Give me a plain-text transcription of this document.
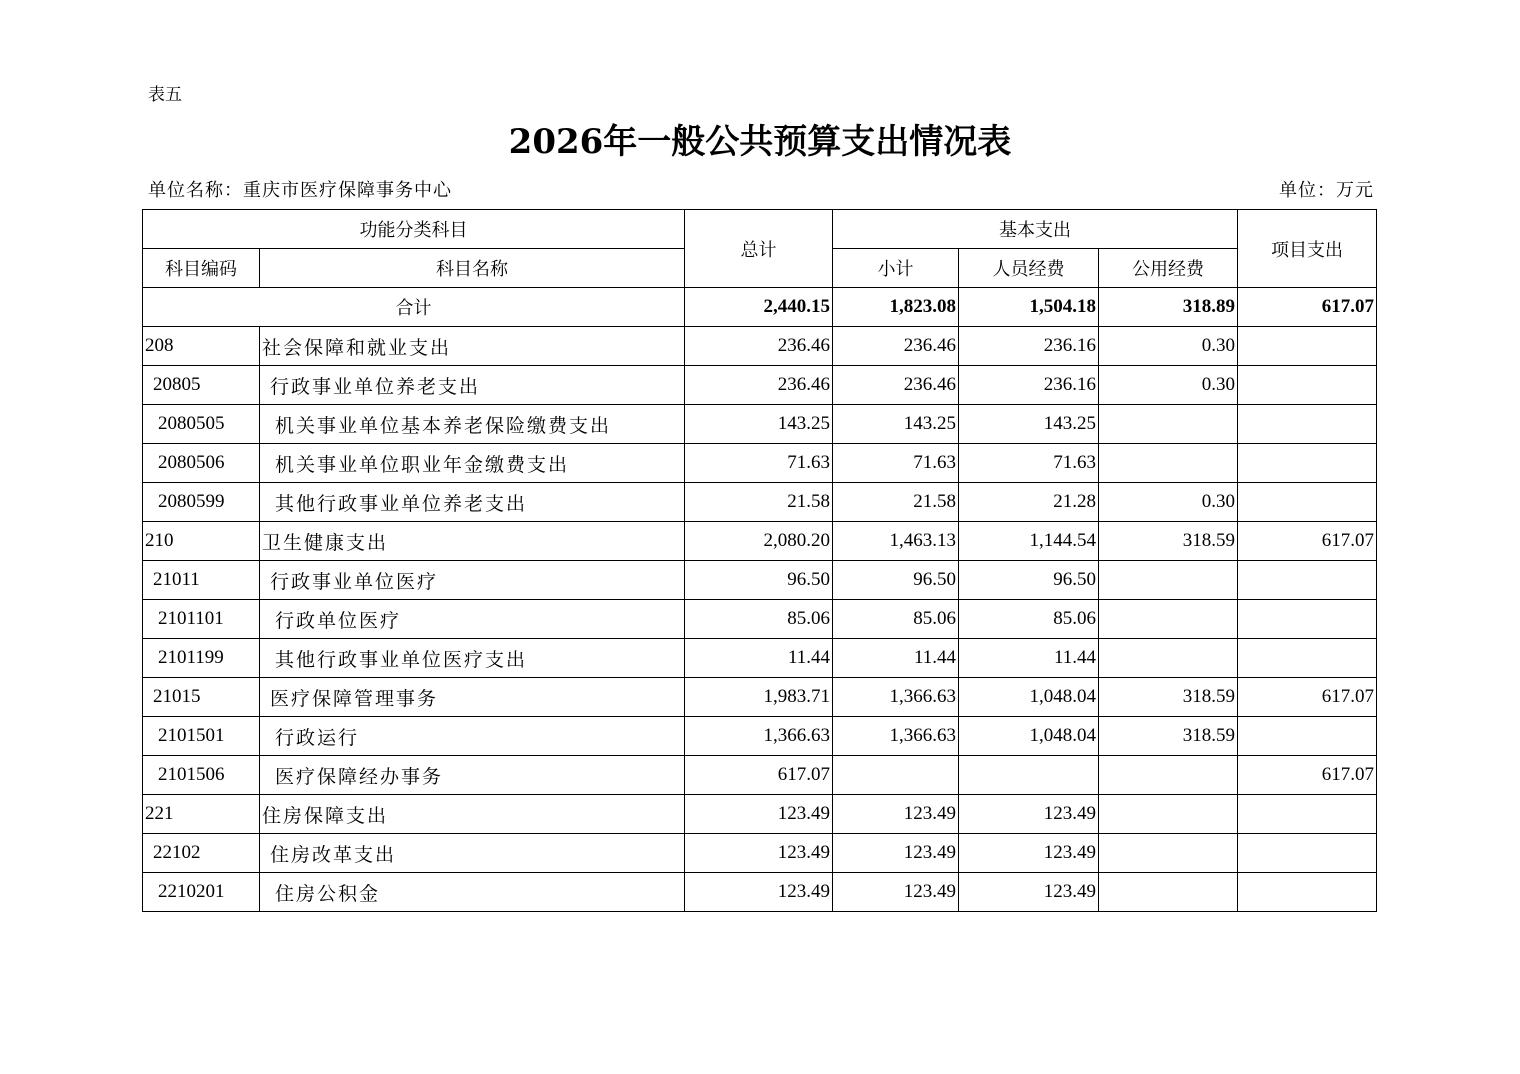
表五
2026年一般公共预算支出情况表
单位名称：重庆市医疗保障事务中心	单位：万元
功能分类科目		总计	基本支出			项目支出
科目编码	科目名称		小计	人员经费	公用经费	
合计		2,440.15	1,823.08	1,504.18	318.89	617.07
208	社会保障和就业支出	236.46	236.46	236.16	0.30	
20805	行政事业单位养老支出	236.46	236.46	236.16	0.30	
2080505	机关事业单位基本养老保险缴费支出	143.25	143.25	143.25		
2080506	机关事业单位职业年金缴费支出	71.63	71.63	71.63		
2080599	其他行政事业单位养老支出	21.58	21.58	21.28	0.30	
210	卫生健康支出	2,080.20	1,463.13	1,144.54	318.59	617.07
21011	行政事业单位医疗	96.50	96.50	96.50		
2101101	行政单位医疗	85.06	85.06	85.06		
2101199	其他行政事业单位医疗支出	11.44	11.44	11.44		
21015	医疗保障管理事务	1,983.71	1,366.63	1,048.04	318.59	617.07
2101501	行政运行	1,366.63	1,366.63	1,048.04	318.59	
2101506	医疗保障经办事务	617.07				617.07
221	住房保障支出	123.49	123.49	123.49		
22102	住房改革支出	123.49	123.49	123.49		
2210201	住房公积金	123.49	123.49	123.49		
